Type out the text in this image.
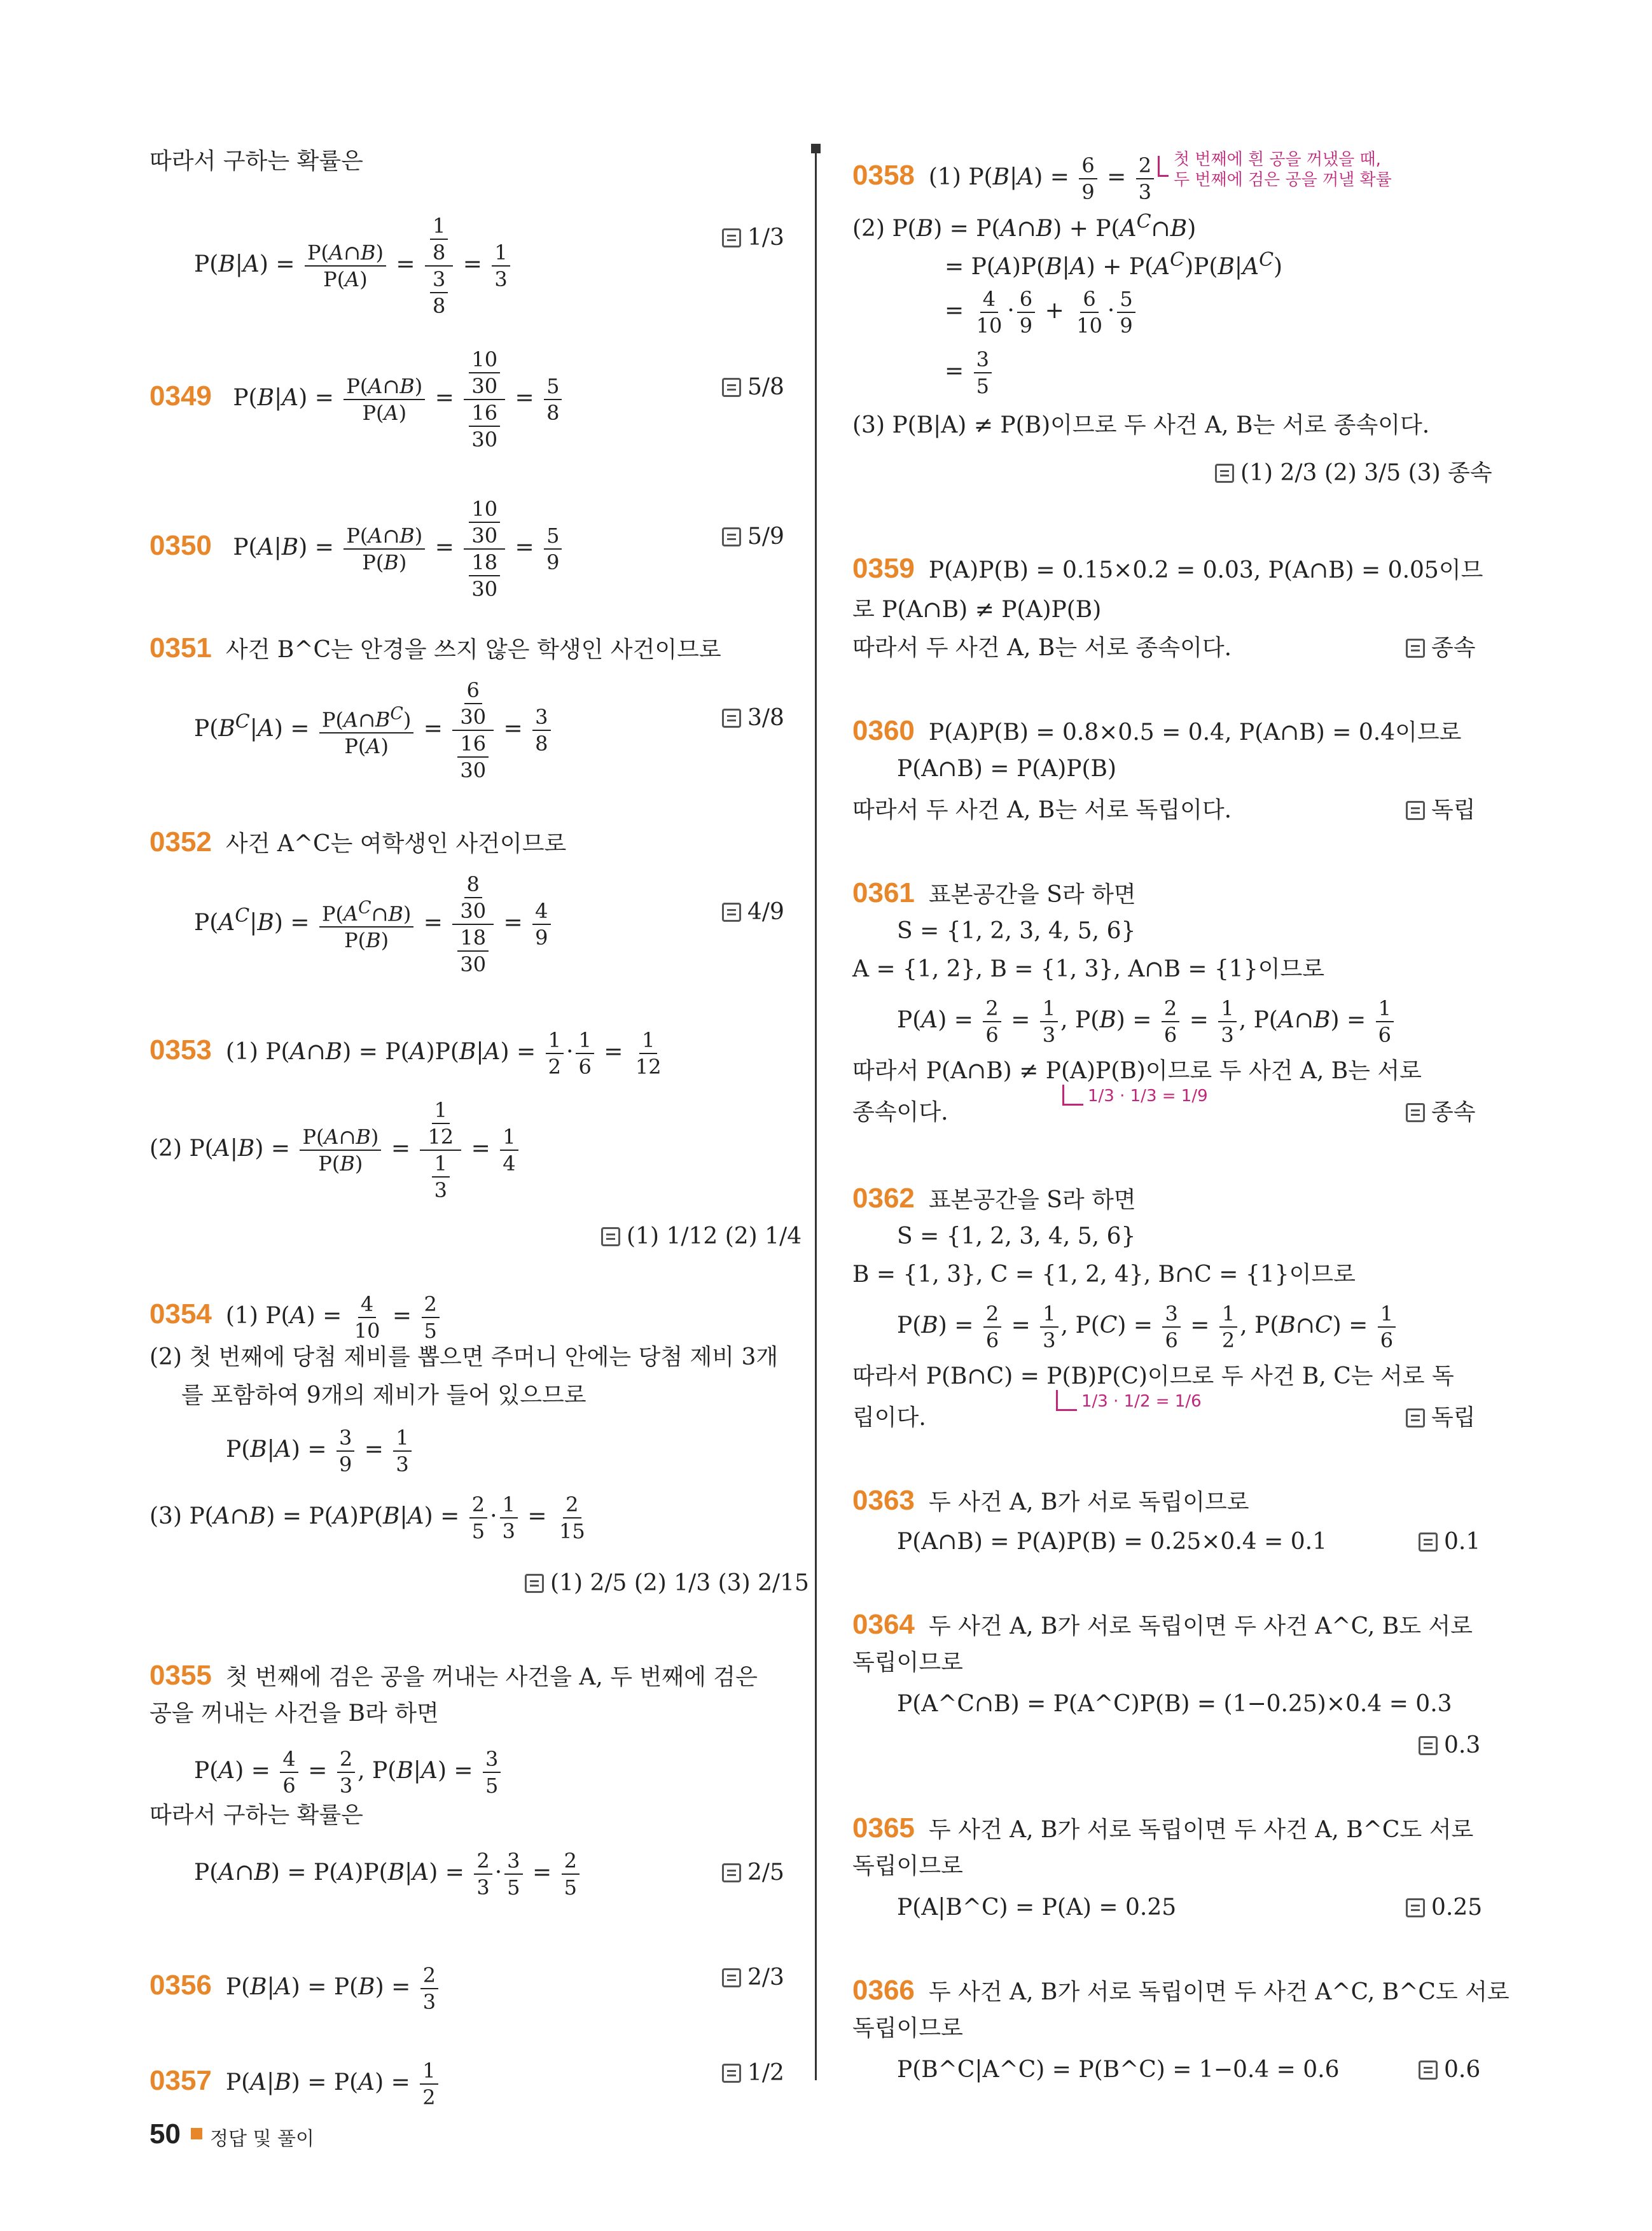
따라서 구하는 확률은
$P(B|A) = \frac{P(A\cap B)}{P(A)} = \frac{\frac{1}{8}}{\frac{3}{8}} = \frac{1}{3}$
1/3
0349 $P(B|A) = \frac{P(A\cap B)}{P(A)} = \frac{\frac{10}{30}}{\frac{16}{30}} = \frac{5}{8}$	5/8
0350 $P(A|B) = \frac{P(A\cap B)}{P(B)} = \frac{\frac{10}{30}}{\frac{18}{30}} = \frac{5}{9}$	5/9
0351 사건 B^C는 안경을 쓰지 않은 학생인 사건이므로
$P(B^C|A) = \frac{P(A\cap B^C)}{P(A)} = \frac{\frac{6}{30}}{\frac{16}{30}} = \frac{3}{8}$	3/8
0352 사건 A^C는 여학생인 사건이므로
$P(A^C|B) = \frac{P(A^C\cap B)}{P(B)} = \frac{\frac{8}{30}}{\frac{18}{30}} = \frac{4}{9}$	4/9
0353 (1) P(A∩B) = $P(A)P(B|A) = \frac{1}{2} \cdot \frac{1}{6} = \frac{1}{12}$
(2) $P(A|B) = \frac{P(A\cap B)}{P(B)} = \frac{\frac{1}{12}}{\frac{1}{3}} = \frac{1}{4}$
(1) 1/12 (2) 1/4
0354 (1) $P(A) = \frac{4}{10} = \frac{2}{5}$
(2) 첫 번째에 당첨 제비를 뽑으면 주머니 안에는 당첨 제비 3개
를 포함하여 9개의 제비가 들어 있으므로
$P(B|A) = \frac{3}{9} = \frac{1}{3}$
(3) P(A∩B) = $P(A)P(B|A) = \frac{2}{5} \cdot \frac{1}{3} = \frac{2}{15}$
(1) 2/5 (2) 1/3 (3) 2/15
0355 첫 번째에 검은 공을 꺼내는 사건을 A, 두 번째에 검은
공을 꺼내는 사건을 B라 하면
$P(A) = \frac{4}{6} = \frac{2}{3}$ , $P(B|A) = \frac{3}{5}$
따라서 구하는 확률은
P(A∩B) = $P(A)P(B|A) = \frac{2}{3} \cdot \frac{3}{5} = \frac{2}{5}$	2/5
0356 $P(B|A) = P(B) = \frac{2}{3}$	2/3
0357 $P(A|B) = P(A) = \frac{1}{2}$	1/2
0358 (1) $P(B|A) = \frac{6}{9} = \frac{2}{3}$ 첫 번째에 흰 공을 꺼냈을 때,
두 번째에 검은 공을 꺼낼 확률
(2) P(B) = P(A∩B) + $P(A^C\cap B)$
= $P(A)P(B|A) + P(A^C)P(B|A^C)$
= $\frac{4}{10} \cdot \frac{6}{9} + \frac{6}{10} \cdot \frac{5}{9}$
= $\frac{3}{5}$
(3) P(B|A) ≠ P(B)이므로 두 사건 A, B는 서로 종속이다.
(1) 2/3 (2) 3/5 (3) 종속
0359 P(A)P(B) = 0.15×0.2 = 0.03, P(A∩B) = 0.05이므
로 P(A∩B) ≠ P(A)P(B)
따라서 두 사건 A, B는 서로 종속이다.	종속
0360 P(A)P(B) = 0.8×0.5 = 0.4, P(A∩B) = 0.4이므로
P(A∩B) = P(A)P(B)
따라서 두 사건 A, B는 서로 독립이다.	독립
0361 표본공간을 S라 하면
S = {1, 2, 3, 4, 5, 6}
A = {1, 2}, B = {1, 3}, A∩B = {1}이므로
$P(A) = \frac{2}{6} = \frac{1}{3}$ , $P(B) = \frac{2}{6} = \frac{1}{3}$ , P(A∩B) = $\frac{1}{6}$
따라서 P(A∩B) ≠ P(A)P(B)이므로 두 사건 A, B는 서로
1/3 · 1/3 = 1/9
종속이다.	종속
0362 표본공간을 S라 하면
S = {1, 2, 3, 4, 5, 6}
B = {1, 3}, C = {1, 2, 4}, B∩C = {1}이므로
$P(B) = \frac{2}{6} = \frac{1}{3}$ , $P(C) = \frac{3}{6} = \frac{1}{2}$ , P(B∩C) = $\frac{1}{6}$
따라서 P(B∩C) = P(B)P(C)이므로 두 사건 B, C는 서로 독
1/3 · 1/2 = 1/6
립이다.	독립
0363 두 사건 A, B가 서로 독립이므로
P(A∩B) = P(A)P(B) = 0.25×0.4 = 0.1	0.1
0364 두 사건 A, B가 서로 독립이면 두 사건 A^C, B도 서로
독립이므로
P(A^C∩B) = P(A^C)P(B) = (1−0.25)×0.4 = 0.3
0.3
0365 두 사건 A, B가 서로 독립이면 두 사건 A, B^C도 서로
독립이므로
P(A|B^C) = P(A) = 0.25	0.25
0366 두 사건 A, B가 서로 독립이면 두 사건 A^C, B^C도 서로
독립이므로
P(B^C|A^C) = P(B^C) = 1−0.4 = 0.6	0.6
50 정답 및 풀이
